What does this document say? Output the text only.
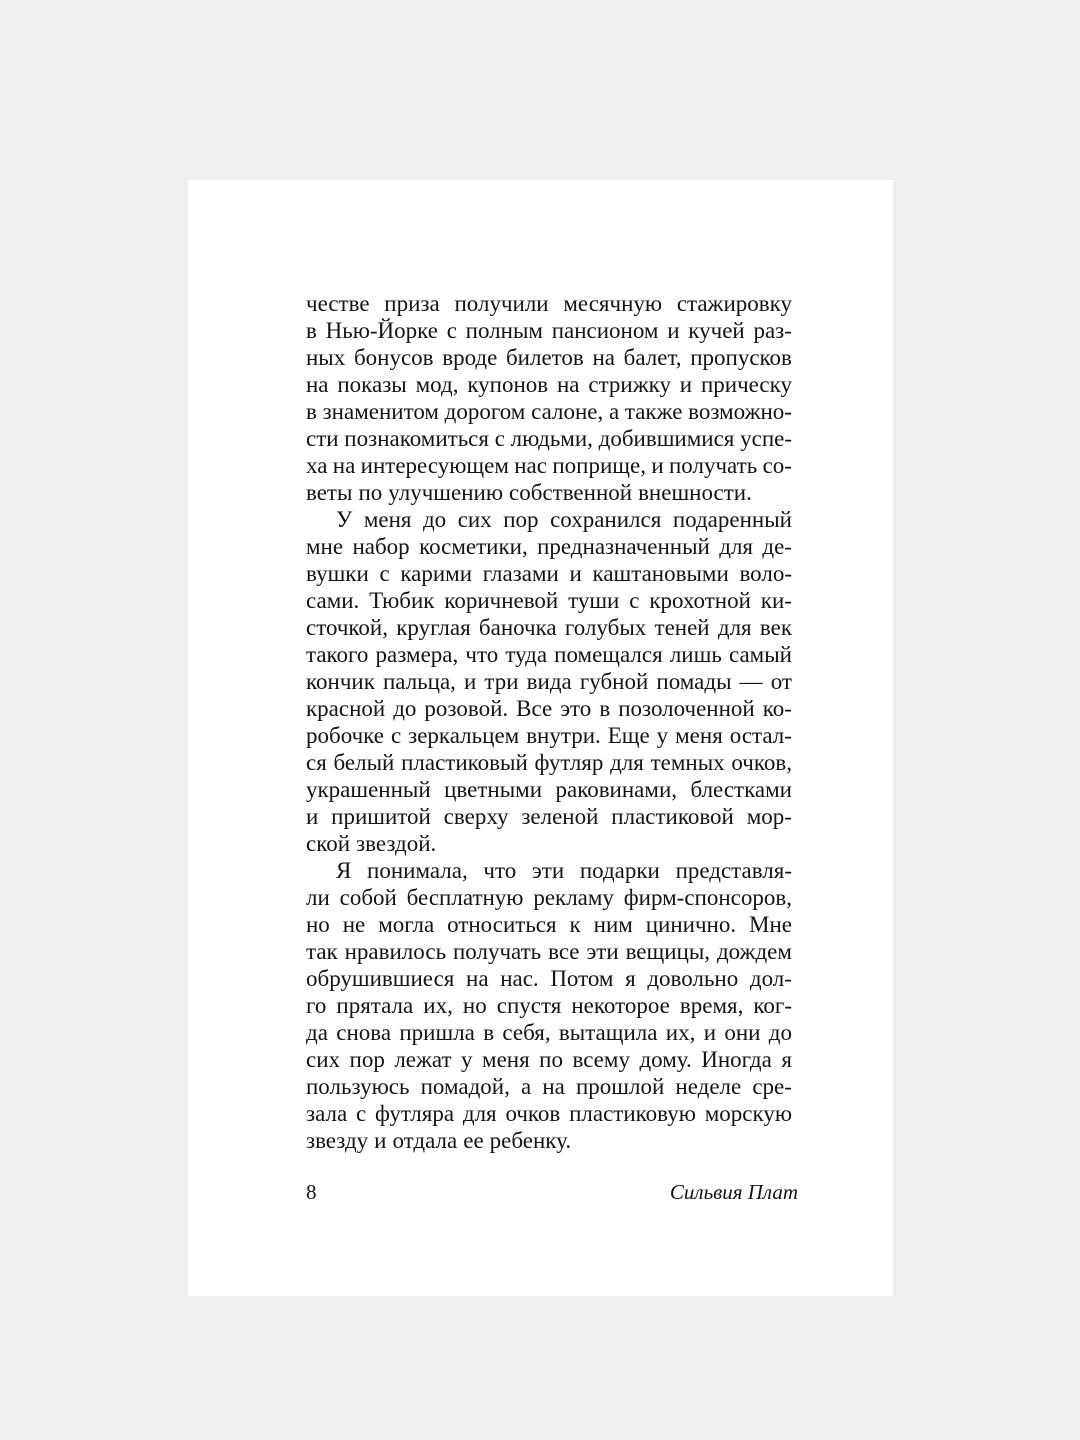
честве приза получили месячную стажировку
в Нью-Йорке с полным пансионом и кучей раз-
ных бонусов вроде билетов на балет, пропусков
на показы мод, купонов на стрижку и прическу
в знаменитом дорогом салоне, а также возможно-
сти познакомиться с людьми, добившимися успе-
ха на интересующем нас поприще, и получать со-
веты по улучшению собственной внешности.
У меня до сих пор сохранился подаренный
мне набор косметики, предназначенный для де-
вушки с карими глазами и каштановыми воло-
сами. Тюбик коричневой туши с крохотной ки-
сточкой, круглая баночка голубых теней для век
такого размера, что туда помещался лишь самый
кончик пальца, и три вида губной помады — от
красной до розовой. Все это в позолоченной ко-
робочке с зеркальцем внутри. Еще у меня остал-
ся белый пластиковый футляр для темных очков,
украшенный цветными раковинами, блестками
и пришитой сверху зеленой пластиковой мор-
ской звездой.
Я понимала, что эти подарки представля-
ли собой бесплатную рекламу фирм-спонсоров,
но не могла относиться к ним цинично. Мне
так нравилось получать все эти вещицы, дождем
обрушившиеся на нас. Потом я довольно дол-
го прятала их, но спустя некоторое время, ког-
да снова пришла в себя, вытащила их, и они до
сих пор лежат у меня по всему дому. Иногда я
пользуюсь помадой, а на прошлой неделе сре-
зала с футляра для очков пластиковую морскую
звезду и отдала ее ребенку.
8	Сильвия Плат
